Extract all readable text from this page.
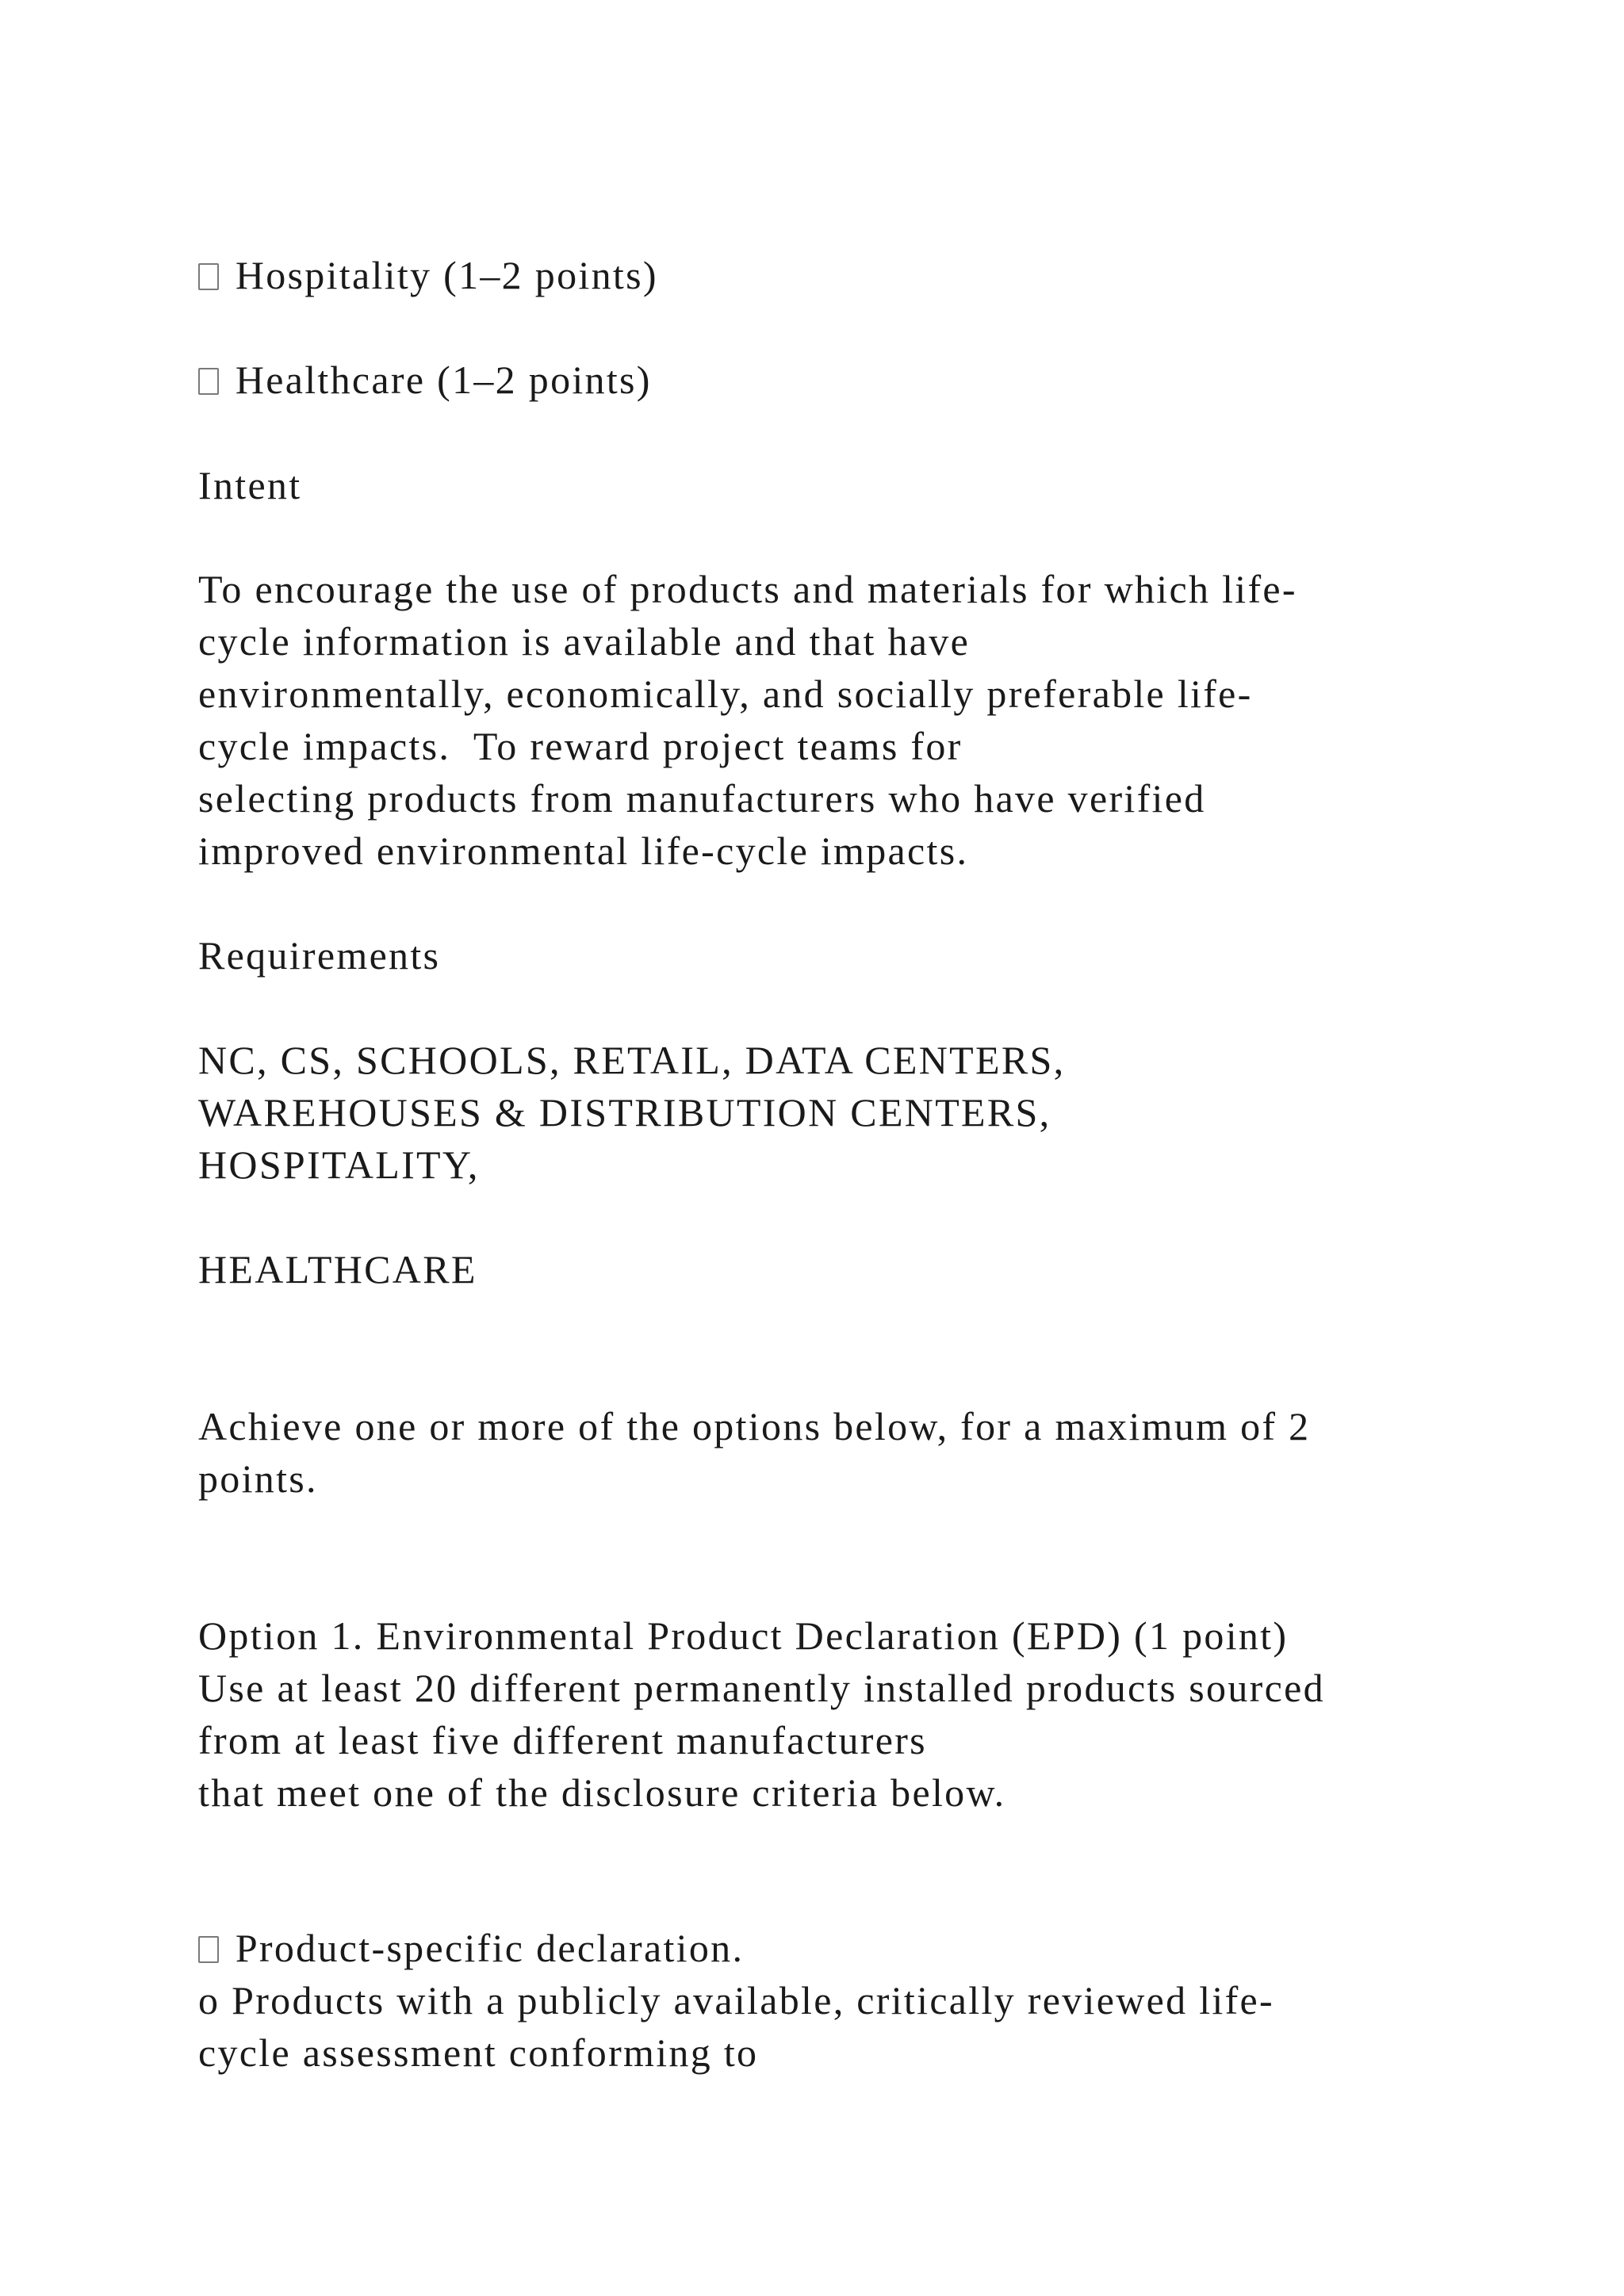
Hospitality (1–2 points)
Healthcare (1–2 points)
Intent
To encourage the use of products and materials for which life-
cycle information is available and that have
environmentally, economically, and socially preferable life-
cycle impacts.  To reward project teams for
selecting products from manufacturers who have verified
improved environmental life-cycle impacts.
Requirements
NC, CS, SCHOOLS, RETAIL, DATA CENTERS,
WAREHOUSES & DISTRIBUTION CENTERS,
HOSPITALITY,
HEALTHCARE
Achieve one or more of the options below, for a maximum of 2
points.
Option 1. Environmental Product Declaration (EPD) (1 point)
Use at least 20 different permanently installed products sourced
from at least five different manufacturers
that meet one of the disclosure criteria below.
Product-specific declaration.
o Products with a publicly available, critically reviewed life-
cycle assessment conforming to
